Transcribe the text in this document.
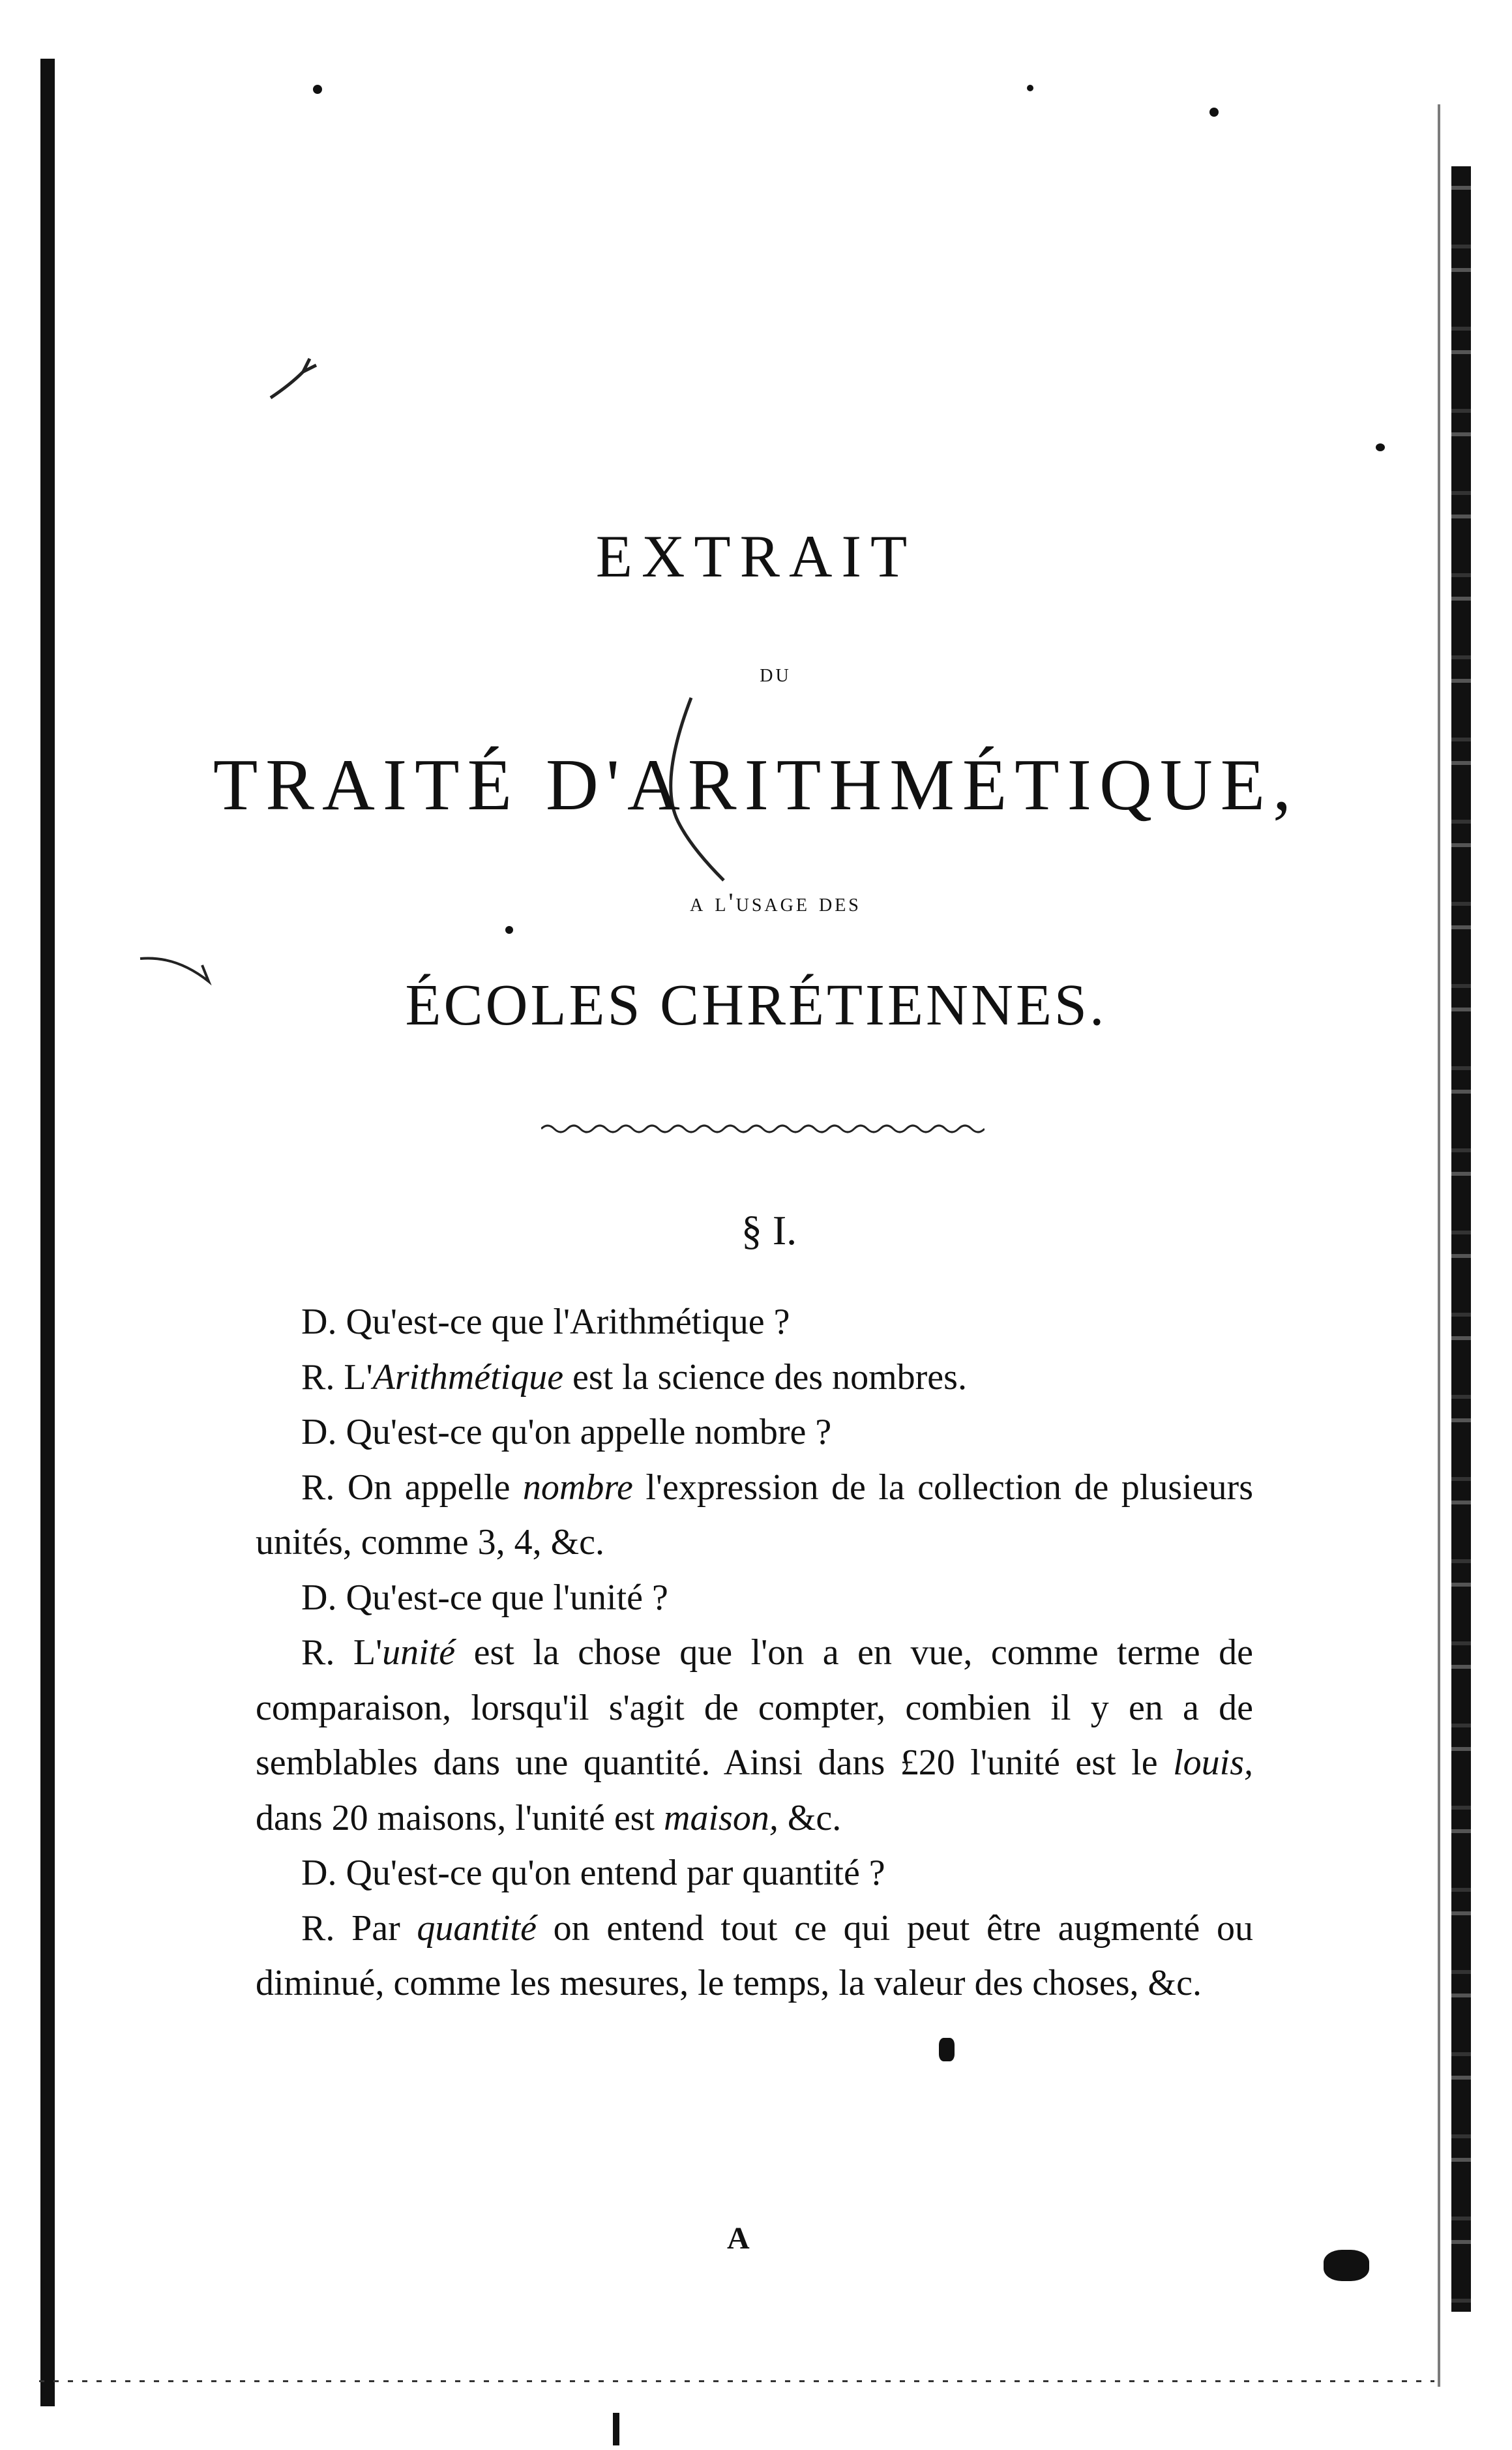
EXTRAIT
du
TRAITÉ D'ARITHMÉTIQUE,
a l'usage des
ÉCOLES CHRÉTIENNES.
§ I.

D. Qu'est-ce que l'Arithmétique ?

R. L'Arithmétique est la science des nombres.

D. Qu'est-ce qu'on appelle nombre ?

R. On appelle nombre l'expression de la collection de plusieurs unités, comme 3, 4, &c.

D. Qu'est-ce que l'unité ?

R. L'unité est la chose que l'on a en vue, comme terme de comparaison, lorsqu'il s'agit de compter, combien il y en a de semblables dans une quantité. Ainsi dans £20 l'unité est le louis, dans 20 maisons, l'unité est maison, &c.

D. Qu'est-ce qu'on entend par quantité ?

R. Par quantité on entend tout ce qui peut être augmenté ou diminué, comme les mesures, le temps, la valeur des choses, &c.

A
